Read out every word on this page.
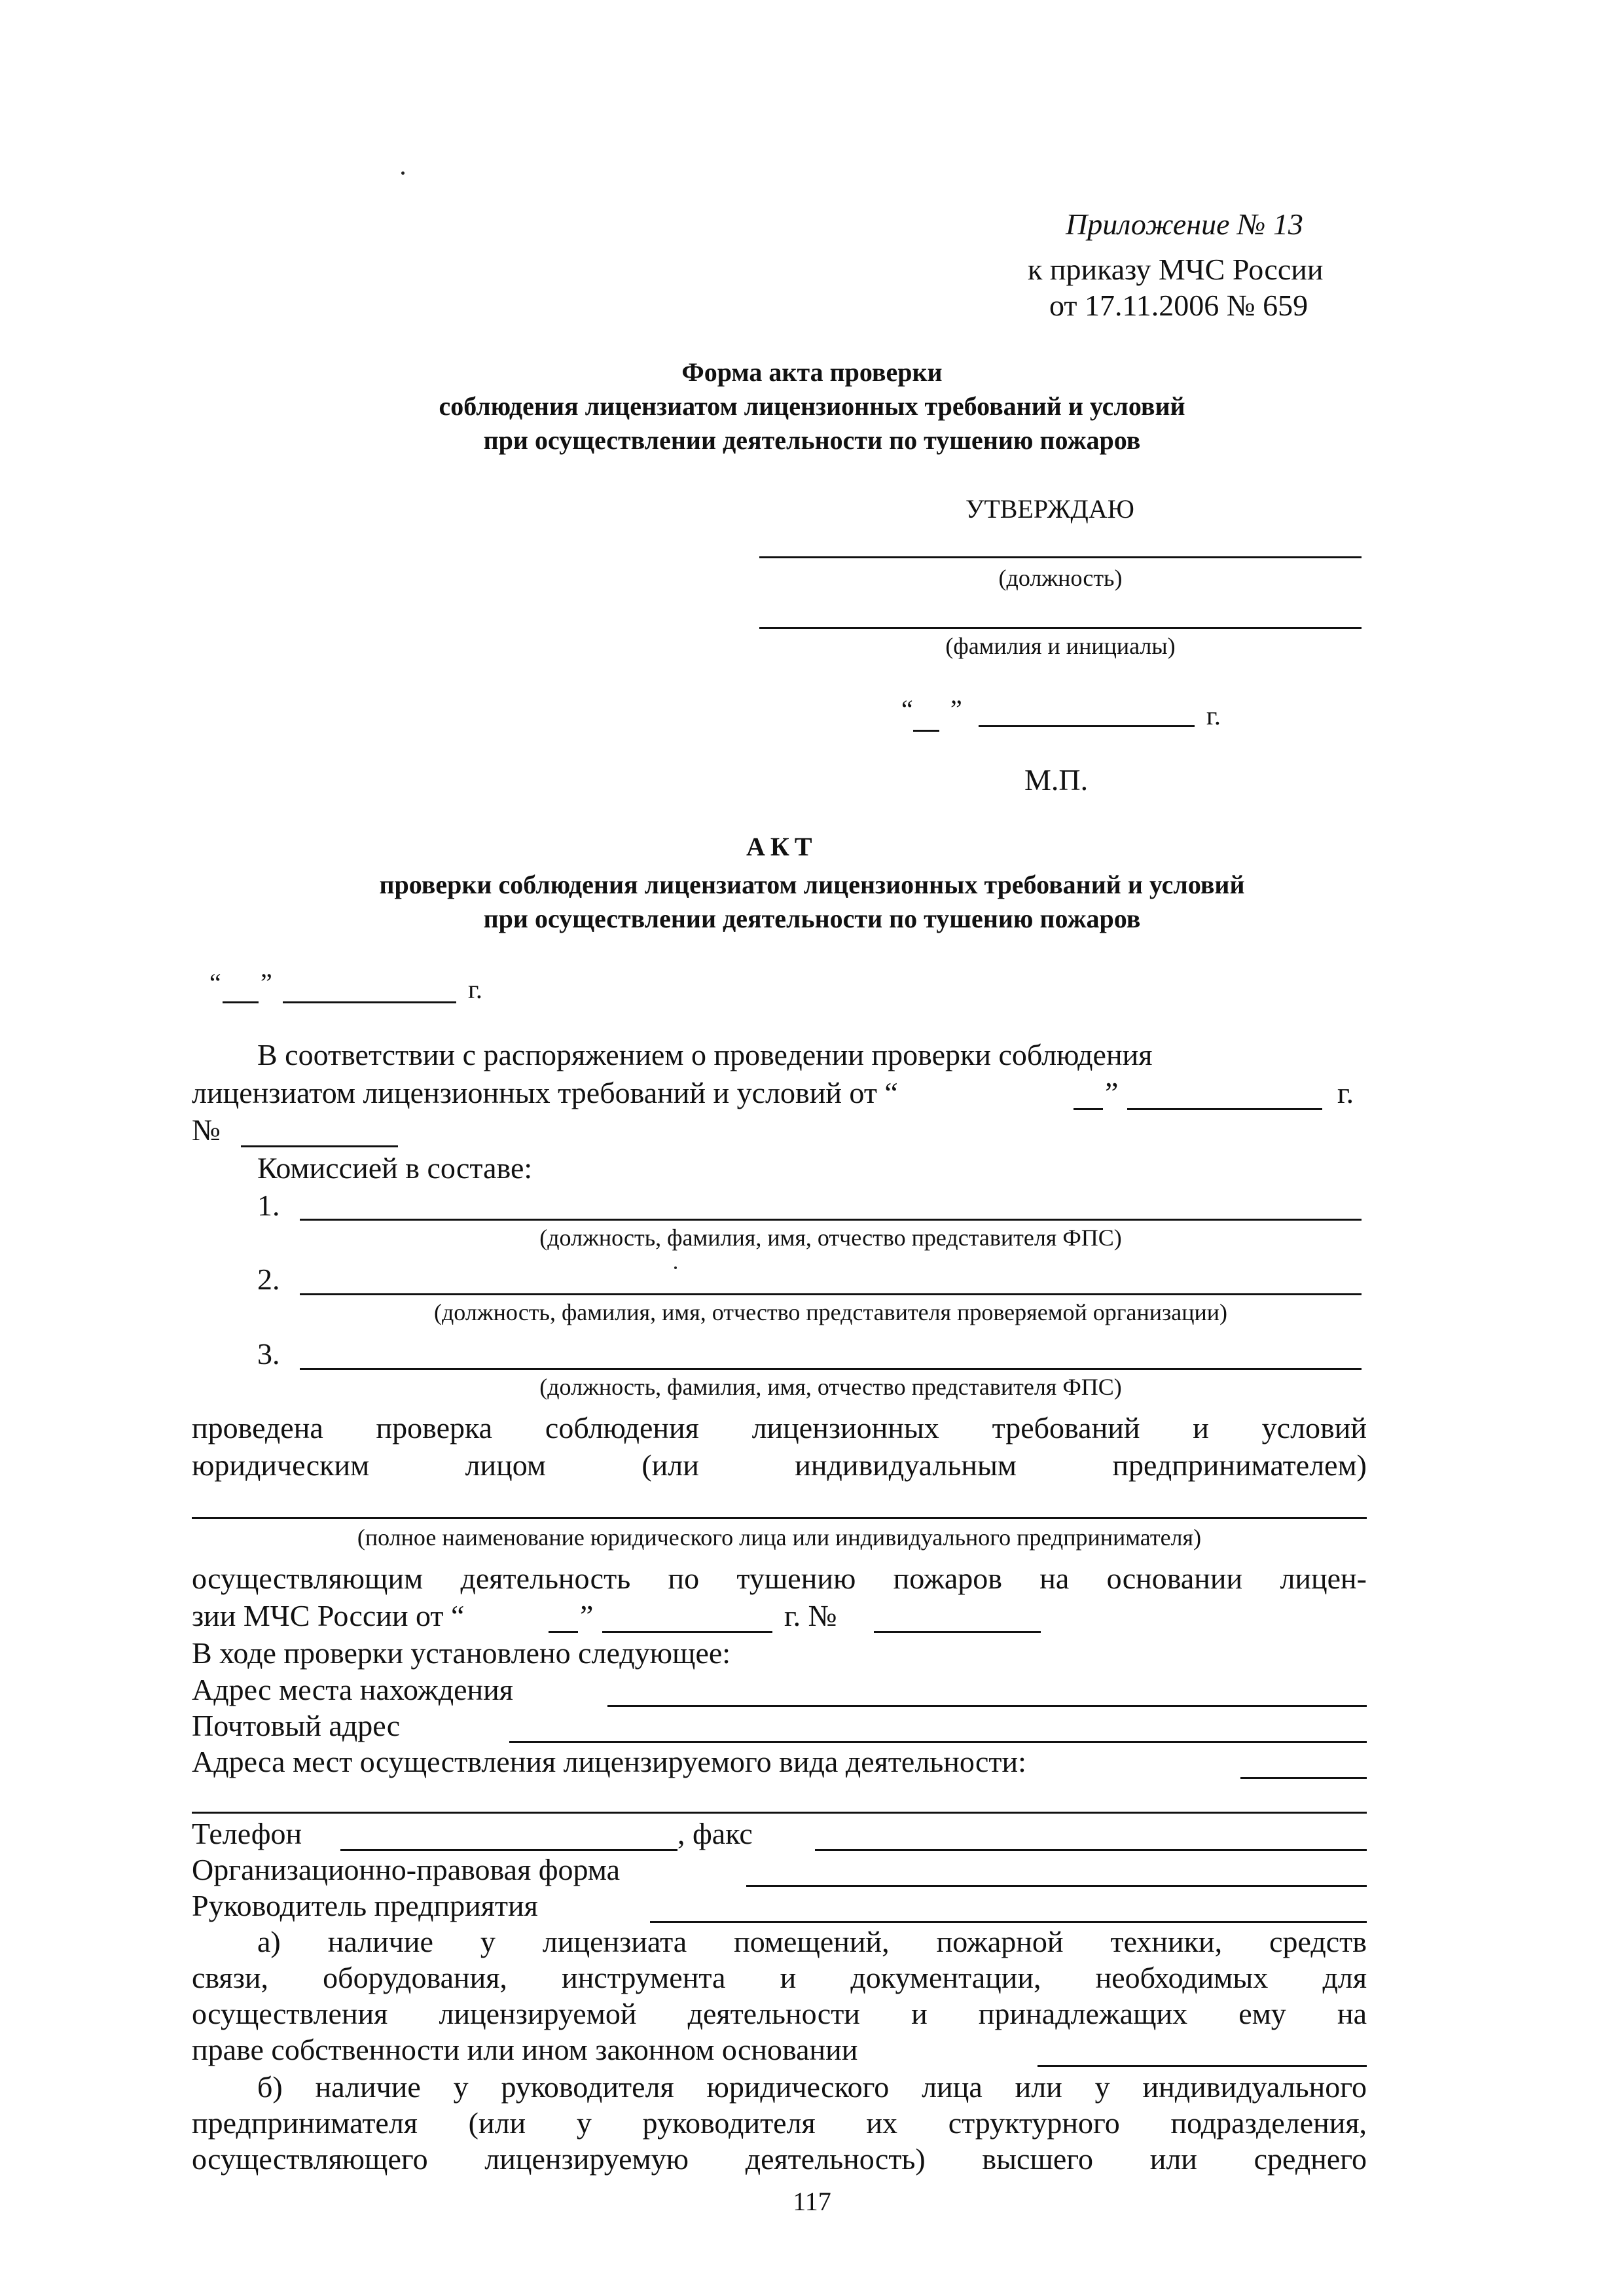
Приложение № 13
к приказу МЧС России
от 17.11.2006 № 659
Форма акта проверки
соблюдения лицензиатом лицензионных требований и условий
при осуществлении деятельности по тушению пожаров
УТВЕРЖДАЮ
(должность)
(фамилия и инициалы)
“ ”	г.
М.П.
АКТ
проверки соблюдения лицензиатом лицензионных требований и условий
при осуществлении деятельности по тушению пожаров
“ ”	г.
В соответствии с распоряжением о проведении проверки соблюдения
лицензиатом лицензионных требований и условий от “	”	г.
№
Комиссией в составе:
1.
(должность, фамилия, имя, отчество представителя ФПС)
2.
(должность, фамилия, имя, отчество представителя проверяемой организации)
3.
(должность, фамилия, имя, отчество представителя ФПС)
проведена проверка соблюдения лицензионных требований и условий
юридическим лицом (или индивидуальным предпринимателем)
(полное наименование юридического лица или индивидуального предпринимателя)
осуществляющим деятельность по тушению пожаров на основании лицен-
зии МЧС России от “	”	г. №
В ходе проверки установлено следующее:
Адрес места нахождения
Почтовый адрес
Адреса мест осуществления лицензируемого вида деятельности:
Телефон	, факс
Организационно-правовая форма
Руководитель предприятия
а) наличие у лицензиата помещений, пожарной техники, средств
связи, оборудования, инструмента и документации, необходимых для
осуществления лицензируемой деятельности и принадлежащих ему на
праве собственности или ином законном основании
б) наличие у руководителя юридического лица или у индивидуального
предпринимателя (или у руководителя их структурного подразделения,
осуществляющего лицензируемую деятельность) высшего или среднего
117
